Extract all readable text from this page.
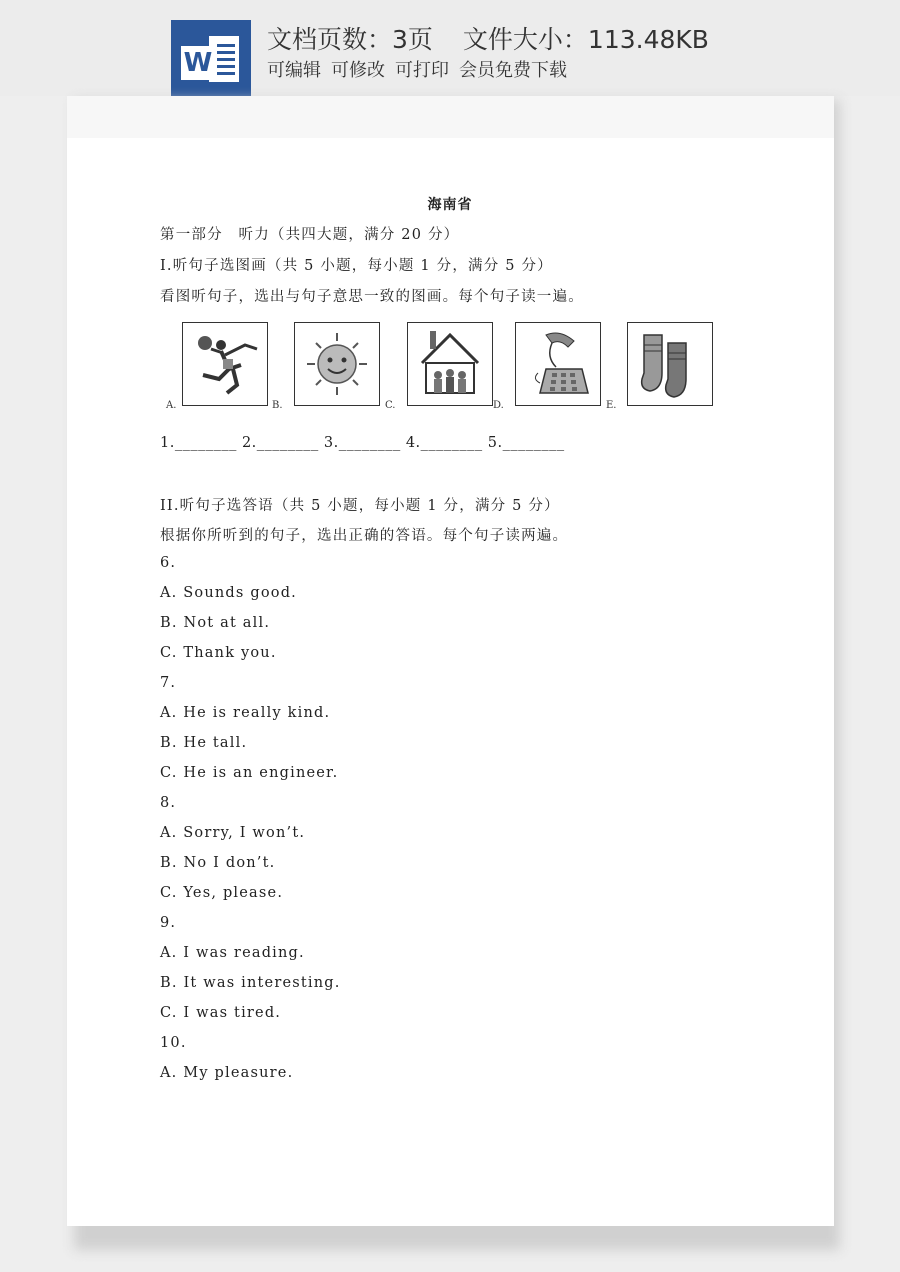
W
文档页数：3页 文件大小：113.48KB
可编辑 可修改 可打印 会员免费下载
海南省
第一部分　听力（共四大题，满分 20 分）
I.听句子选图画（共 5 小题，每小题 1 分，满分 5 分）
看图听句子，选出与句子意思一致的图画。每个句子读一遍。
A.	B.	C.	D.	E.
1.________ 2.________ 3.________ 4.________ 5.________
II.听句子选答语（共 5 小题，每小题 1 分，满分 5 分）
根据你所听到的句子，选出正确的答语。每个句子读两遍。
6.
A. Sounds good.
B. Not at all.
C. Thank you.
7.
A. He is really kind.
B. He tall.
C. He is an engineer.
8.
A. Sorry, I won’t.
B. No I don’t.
C. Yes, please.
9.
A. I was reading.
B. It was interesting.
C. I was tired.
10.
A. My pleasure.
